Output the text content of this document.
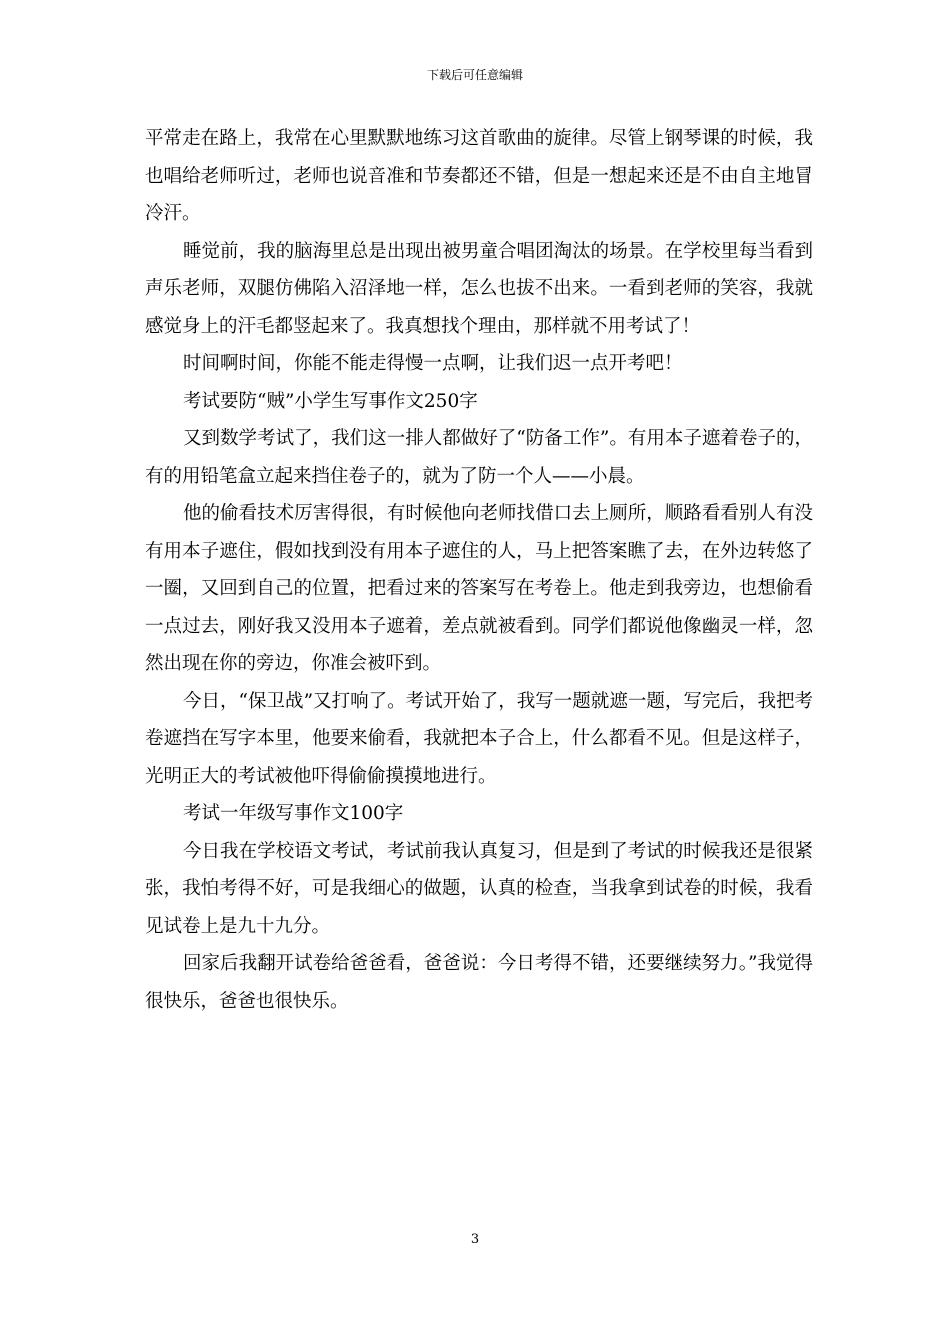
下载后可任意编辑

平常走在路上，我常在心里默默地练习这首歌曲的旋律。尽管上钢琴课的时候，我也唱给老师听过，老师也说音准和节奏都还不错，但是一想起来还是不由自主地冒冷汗。

睡觉前，我的脑海里总是出现出被男童合唱团淘汰的场景。在学校里每当看到声乐老师，双腿仿佛陷入沼泽地一样，怎么也拔不出来。一看到老师的笑容，我就感觉身上的汗毛都竖起来了。我真想找个理由，那样就不用考试了！

时间啊时间，你能不能走得慢一点啊，让我们迟一点开考吧！

考试要防“贼”小学生写事作文250字

又到数学考试了，我们这一排人都做好了“防备工作”。有用本子遮着卷子的，有的用铅笔盒立起来挡住卷子的，就为了防一个人——小晨。

他的偷看技术厉害得很，有时候他向老师找借口去上厕所，顺路看看别人有没有用本子遮住，假如找到没有用本子遮住的人，马上把答案瞧了去，在外边转悠了一圈，又回到自己的位置，把看过来的答案写在考卷上。他走到我旁边，也想偷看一点过去，刚好我又没用本子遮着，差点就被看到。同学们都说他像幽灵一样，忽然出现在你的旁边，你准会被吓到。

今日，“保卫战”又打响了。考试开始了，我写一题就遮一题，写完后，我把考卷遮挡在写字本里，他要来偷看，我就把本子合上，什么都看不见。但是这样子，光明正大的考试被他吓得偷偷摸摸地进行。

考试一年级写事作文100字

今日我在学校语文考试，考试前我认真复习，但是到了考试的时候我还是很紧张，我怕考得不好，可是我细心的做题，认真的检查，当我拿到试卷的时候，我看见试卷上是九十九分。

回家后我翻开试卷给爸爸看，爸爸说：今日考得不错，还要继续努力。”我觉得很快乐，爸爸也很快乐。

3
